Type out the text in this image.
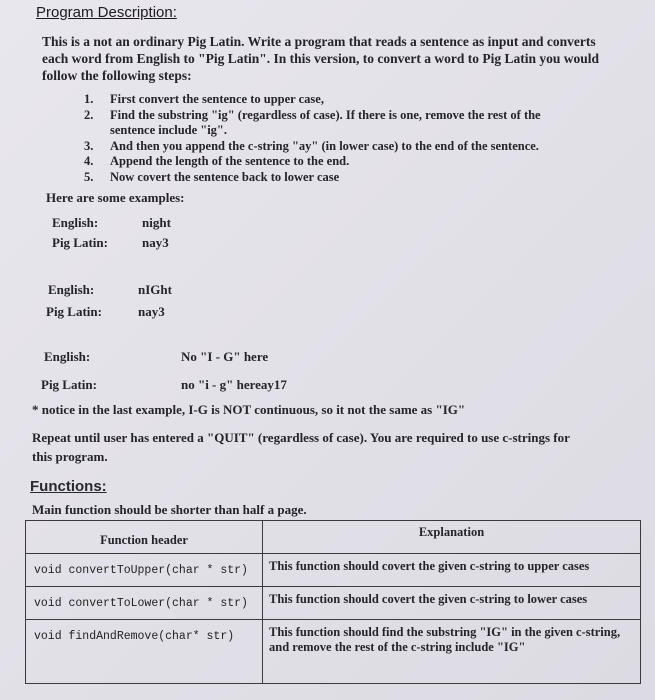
Program Description:
This is a not an ordinary Pig Latin. Write a program that reads a sentence as input and converts each word from English to "Pig Latin". In this version, to convert a word to Pig Latin you would follow the following steps:
1.	First convert the sentence to upper case,
2.	Find the substring "ig" (regardless of case). If there is one, remove the rest of the sentence include "ig".
3.	And then you append the c-string "ay" (in lower case) to the end of the sentence.
4.	Append the length of the sentence to the end.
5.	Now covert the sentence back to lower case
Here are some examples:
English:	night
Pig Latin:	nay3
English:	nIGht
Pig Latin:	nay3
English:	No "I - G" here
Pig Latin:	no "i - g" hereay17
* notice in the last example, I-G is NOT continuous, so it not the same as "IG"
Repeat until user has entered a "QUIT" (regardless of case). You are required to use c-strings for this program.
Functions:
Main function should be shorter than half a page.
Function header	Explanation
void convertToUpper(char * str)	This function should covert the given c-string to upper cases
void convertToLower(char * str)	This function should covert the given c-string to lower cases
void findAndRemove(char* str)	This function should find the substring "IG" in the given c-string, and remove the rest of the c-string include "IG"
